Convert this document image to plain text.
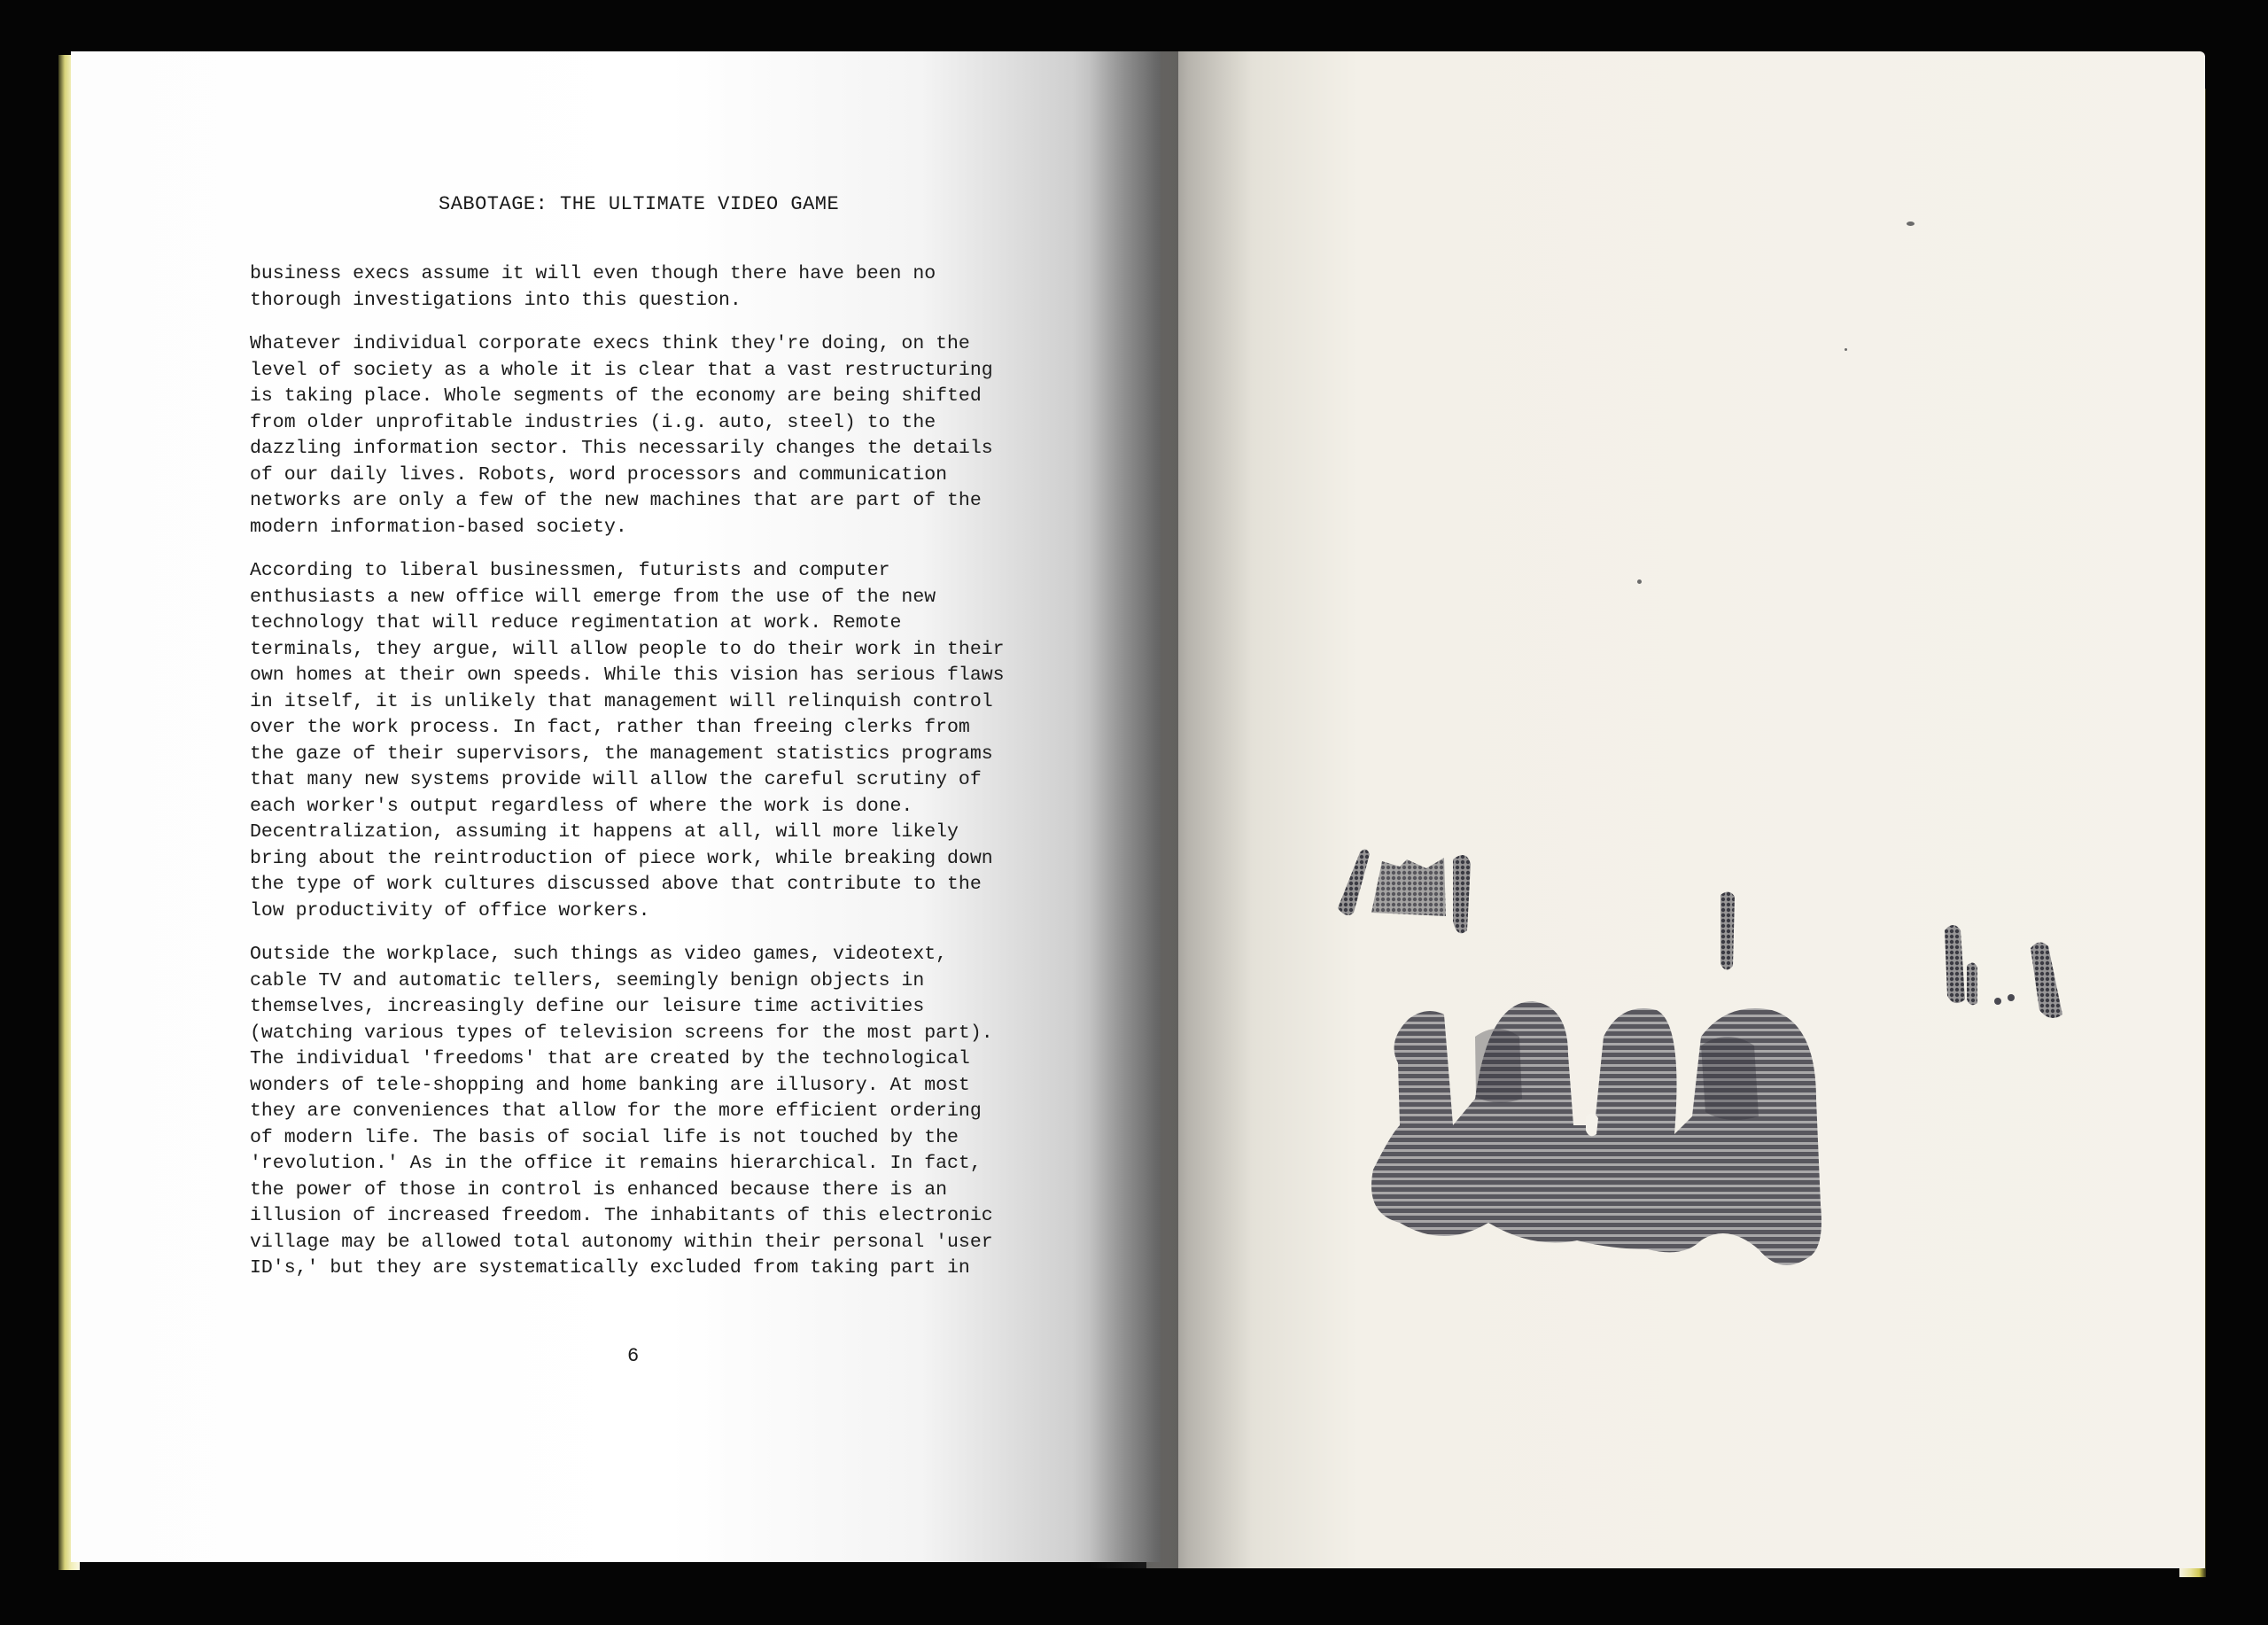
SABOTAGE: THE ULTIMATE VIDEO GAME

business execs assume it will even though there have been no
thorough investigations into this question.

Whatever individual corporate execs think they're doing, on the
level of society as a whole it is clear that a vast restructuring
is taking place. Whole segments of the economy are being shifted
from older unprofitable industries (i.g. auto, steel) to the
dazzling information sector. This necessarily changes the details
of our daily lives. Robots, word processors and communication
networks are only a few of the new machines that are part of the
modern information-based society.

According to liberal businessmen, futurists and computer
enthusiasts a new office will emerge from the use of the new
technology that will reduce regimentation at work. Remote
terminals, they argue, will allow people to do their work in their
own homes at their own speeds. While this vision has serious flaws
in itself, it is unlikely that management will relinquish control
over the work process. In fact, rather than freeing clerks from
the gaze of their supervisors, the management statistics programs
that many new systems provide will allow the careful scrutiny of
each worker's output regardless of where the work is done.
Decentralization, assuming it happens at all, will more likely
bring about the reintroduction of piece work, while breaking down
the type of work cultures discussed above that contribute to the
low productivity of office workers.

Outside the workplace, such things as video games, videotext,
cable TV and automatic tellers, seemingly benign objects in
themselves, increasingly define our leisure time activities
(watching various types of television screens for the most part).
The individual 'freedoms' that are created by the technological
wonders of tele-shopping and home banking are illusory. At most
they are conveniences that allow for the more efficient ordering
of modern life. The basis of social life is not touched by the
'revolution.' As in the office it remains hierarchical. In fact,
the power of those in control is enhanced because there is an
illusion of increased freedom. The inhabitants of this electronic
village may be allowed total autonomy within their personal 'user
ID's,' but they are systematically excluded from taking part in

6
